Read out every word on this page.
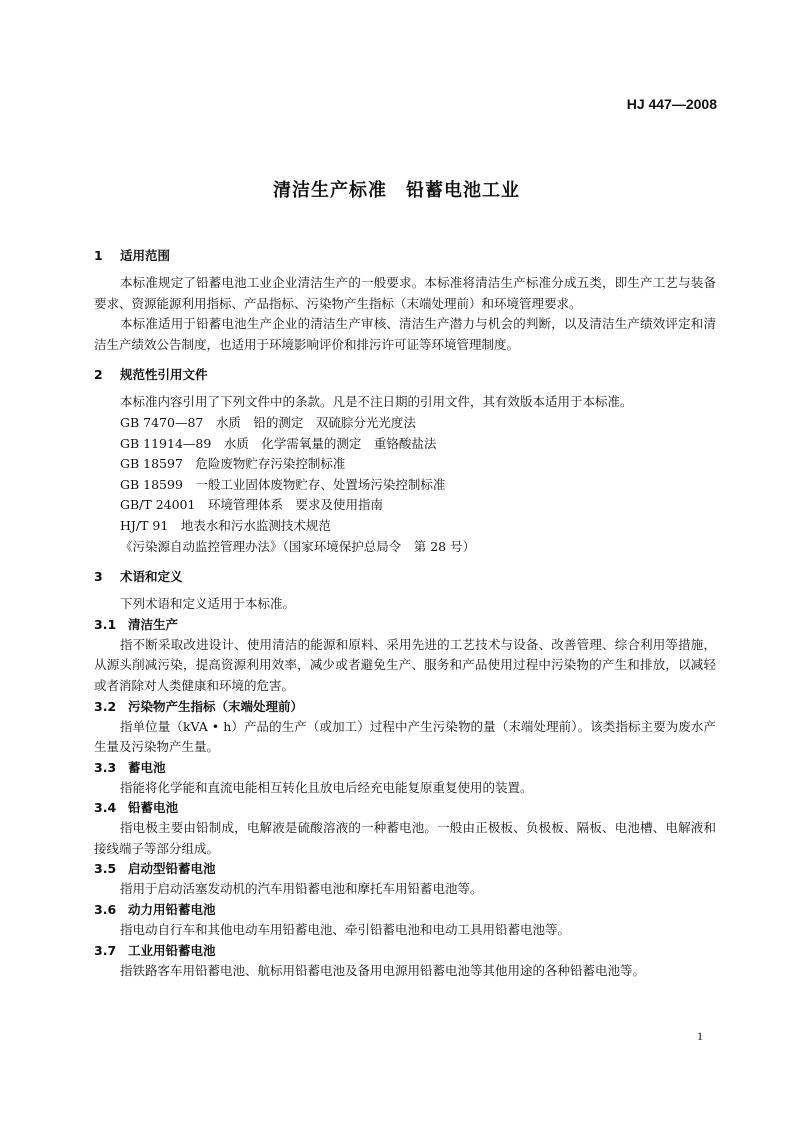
HJ 447—2008
清洁生产标准　铅蓄电池工业
1 适用范围

本标准规定了铅蓄电池工业企业清洁生产的一般要求。本标准将清洁生产标准分成五类，即生产工艺与装备要求、资源能源利用指标、产品指标、污染物产生指标（末端处理前）和环境管理要求。

本标准适用于铅蓄电池生产企业的清洁生产审核、清洁生产潜力与机会的判断，以及清洁生产绩效评定和清洁生产绩效公告制度，也适用于环境影响评价和排污许可证等环境管理制度。

2 规范性引用文件

本标准内容引用了下列文件中的条款。凡是不注日期的引用文件，其有效版本适用于本标准。

GB 7470—87　水质　铅的测定　双硫腙分光光度法

GB 11914—89　水质　化学需氧量的测定　重铬酸盐法

GB 18597　危险废物贮存污染控制标准

GB 18599　一般工业固体废物贮存、处置场污染控制标准

GB/T 24001　环境管理体系　要求及使用指南

HJ/T 91　地表水和污水监测技术规范

《污染源自动监控管理办法》（国家环境保护总局令　第 28 号）

3 术语和定义

下列术语和定义适用于本标准。

3.1 清洁生产

指不断采取改进设计、使用清洁的能源和原料、采用先进的工艺技术与设备、改善管理、综合利用等措施，从源头削减污染，提高资源利用效率，减少或者避免生产、服务和产品使用过程中污染物的产生和排放，以减轻或者消除对人类健康和环境的危害。

3.2 污染物产生指标（末端处理前）

指单位量（kVA • h）产品的生产（或加工）过程中产生污染物的量（末端处理前）。该类指标主要为废水产生量及污染物产生量。

3.3 蓄电池

指能将化学能和直流电能相互转化且放电后经充电能复原重复使用的装置。

3.4 铅蓄电池

指电极主要由铅制成，电解液是硫酸溶液的一种蓄电池。一般由正极板、负极板、隔板、电池槽、电解液和接线端子等部分组成。

3.5 启动型铅蓄电池

指用于启动活塞发动机的汽车用铅蓄电池和摩托车用铅蓄电池等。

3.6 动力用铅蓄电池

指电动自行车和其他电动车用铅蓄电池、牵引铅蓄电池和电动工具用铅蓄电池等。

3.7 工业用铅蓄电池

指铁路客车用铅蓄电池、航标用铅蓄电池及备用电源用铅蓄电池等其他用途的各种铅蓄电池等。

1
